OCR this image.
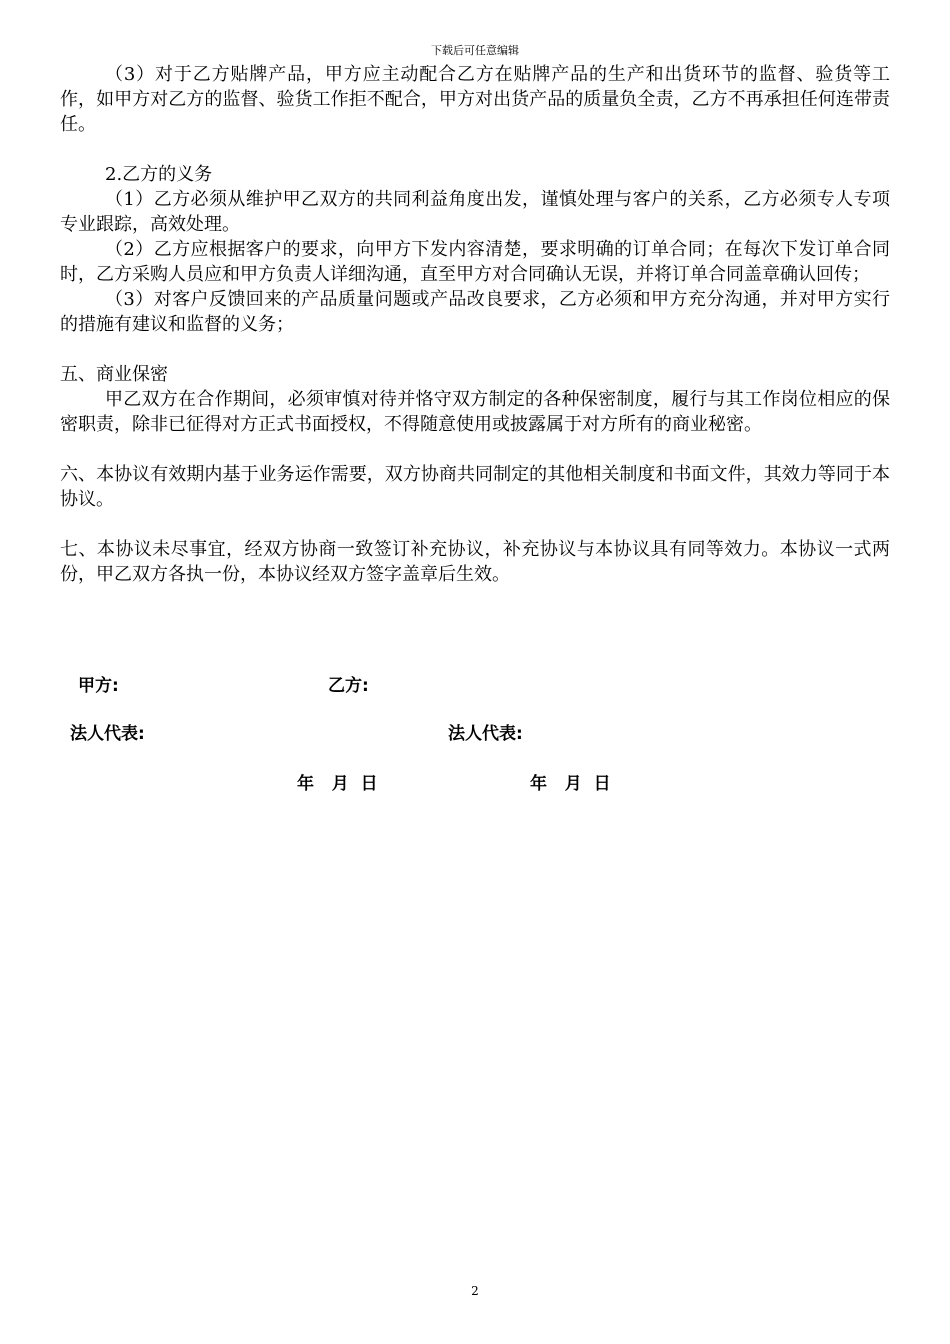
下载后可任意编辑

（3）对于乙方贴牌产品，甲方应主动配合乙方在贴牌产品的生产和出货环节的监督、验货等工作，如甲方对乙方的监督、验货工作拒不配合，甲方对出货产品的质量负全责，乙方不再承担任何连带责任。

2.乙方的义务

（1）乙方必须从维护甲乙双方的共同利益角度出发，谨慎处理与客户的关系，乙方必须专人专项专业跟踪，高效处理。

（2）乙方应根据客户的要求，向甲方下发内容清楚，要求明确的订单合同；在每次下发订单合同时，乙方采购人员应和甲方负责人详细沟通，直至甲方对合同确认无误，并将订单合同盖章确认回传；

（3）对客户反馈回来的产品质量问题或产品改良要求，乙方必须和甲方充分沟通，并对甲方实行的措施有建议和监督的义务；

五、商业保密

甲乙双方在合作期间，必须审慎对待并恪守双方制定的各种保密制度，履行与其工作岗位相应的保密职责，除非已征得对方正式书面授权，不得随意使用或披露属于对方所有的商业秘密。

六、本协议有效期内基于业务运作需要，双方协商共同制定的其他相关制度和书面文件，其效力等同于本协议。

七、本协议未尽事宜，经双方协商一致签订补充协议，补充协议与本协议具有同等效力。本协议一式两份，甲乙双方各执一份，本协议经双方签字盖章后生效。

甲方:	乙方:
法人代表:	法人代表:
年   月  日	年   月  日
2
